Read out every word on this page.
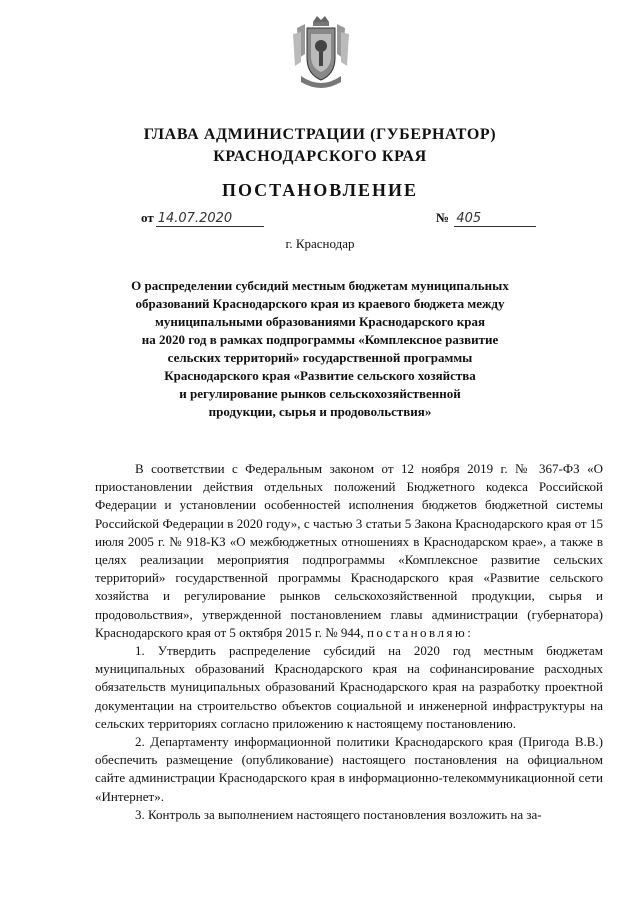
ГЛАВА АДМИНИСТРАЦИИ (ГУБЕРНАТОР)
КРАСНОДАРСКОГО КРАЯ
ПОСТАНОВЛЕНИЕ
от 14.07.2020	№ 405
г. Краснодар
О распределении субсидий местным бюджетам муниципальных
образований Краснодарского края из краевого бюджета между
муниципальными образованиями Краснодарского края
на 2020 год в рамках подпрограммы «Комплексное развитие
сельских территорий» государственной программы
Краснодарского края «Развитие сельского хозяйства
и регулирование рынков сельскохозяйственной
продукции, сырья и продовольствия»

В соответствии с Федеральным законом от 12 ноября 2019 г. № 367-ФЗ «О приостановлении действия отдельных положений Бюджетного кодекса Российской Федерации и установлении особенностей исполнения бюджетов бюджетной системы Российской Федерации в 2020 году», с частью 3 статьи 5 Закона Краснодарского края от 15 июля 2005 г. № 918-КЗ «О межбюджетных отношениях в Краснодарском крае», а также в целях реализации мероприятия подпрограммы «Комплексное развитие сельских территорий» государственной программы Краснодарского края «Развитие сельского хозяйства и регулирование рынков сельскохозяйственной продукции, сырья и продовольствия», утвержденной постановлением главы администрации (губернатора) Краснодарского края от 5 октября 2015 г. № 944, постановляю:

1. Утвердить распределение субсидий на 2020 год местным бюджетам муниципальных образований Краснодарского края на софинансирование расходных обязательств муниципальных образований Краснодарского края на разработку проектной документации на строительство объектов социальной и инженерной инфраструктуры на сельских территориях согласно приложению к настоящему постановлению.

2. Департаменту информационной политики Краснодарского края (Пригода В.В.) обеспечить размещение (опубликование) настоящего постановления на официальном сайте администрации Краснодарского края в информационно-телекоммуникационной сети «Интернет».

3. Контроль за выполнением настоящего постановления возложить на за-
